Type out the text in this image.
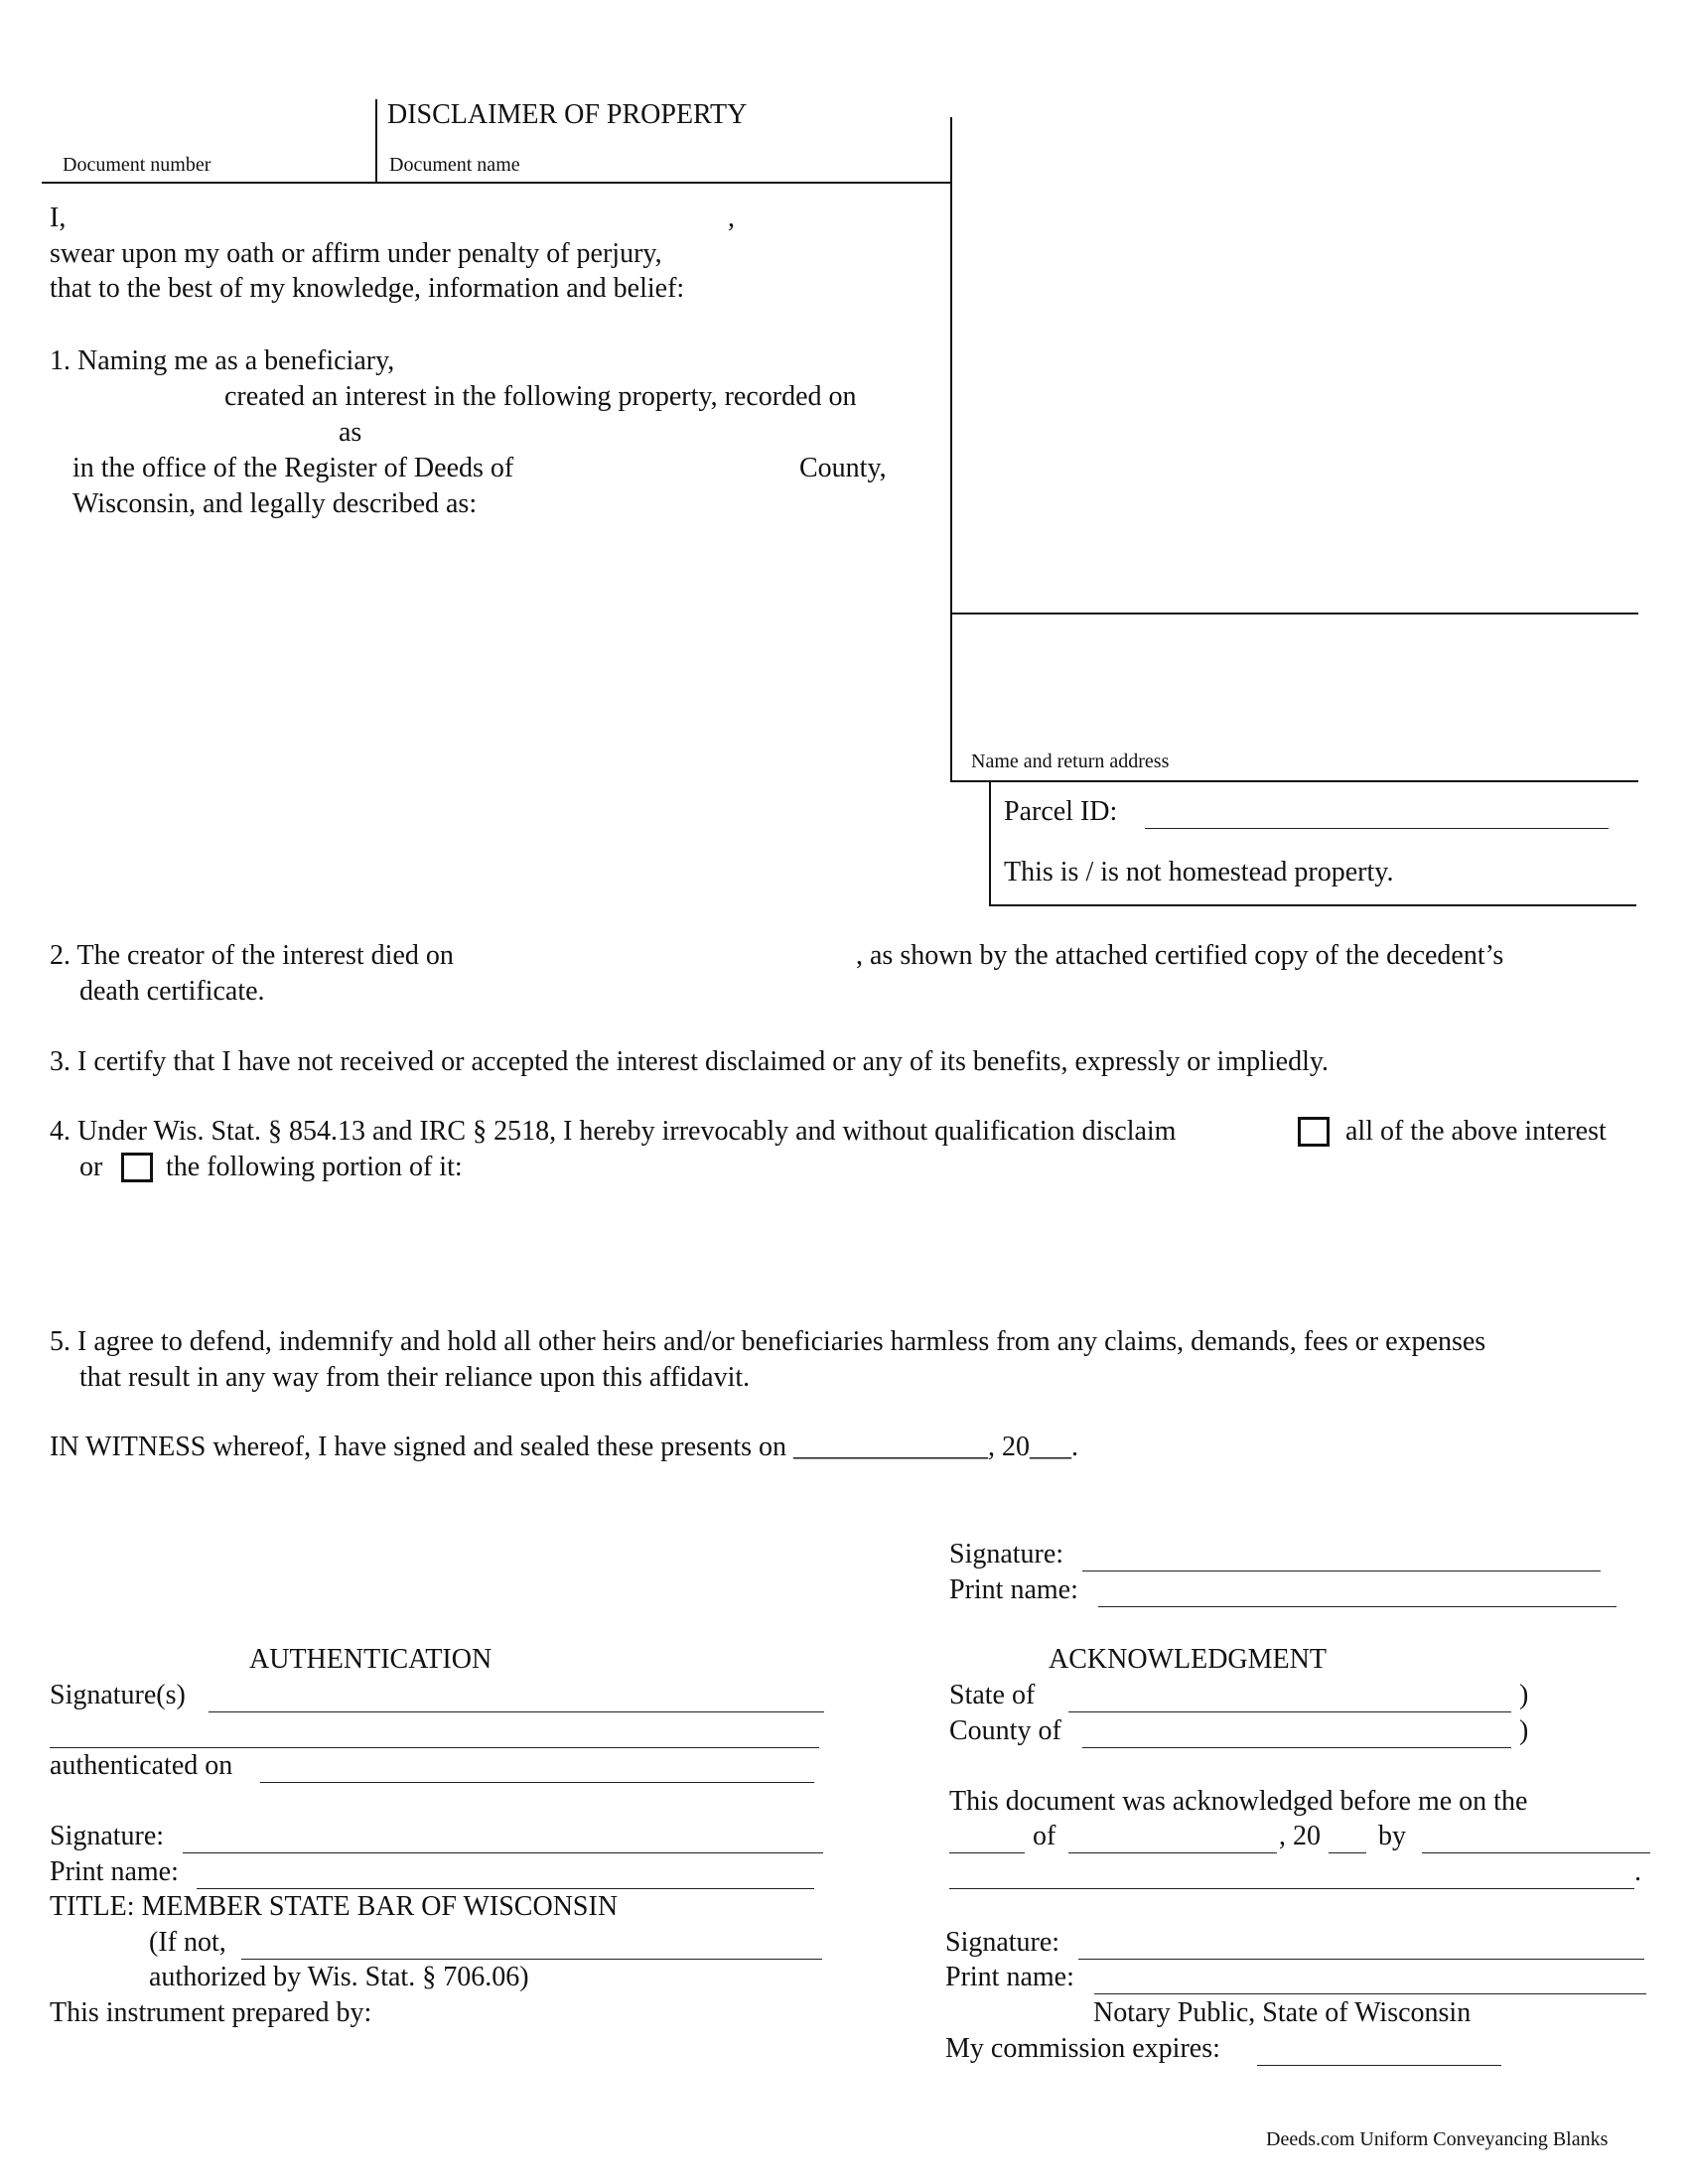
DISCLAIMER OF PROPERTY
Document number	Document name
I,	,
swear upon my oath or affirm under penalty of perjury,
that to the best of my knowledge, information and belief:
1. Naming me as a beneficiary,
created an interest in the following property, recorded on
as
in the office of the Register of Deeds of	County,
Wisconsin, and legally described as:
Name and return address
Parcel ID:
This is / is not homestead property.
2. The creator of the interest died on	, as shown by the attached certified copy of the decedent’s
death certificate.
3. I certify that I have not received or accepted the interest disclaimed or any of its benefits, expressly or impliedly.
4. Under Wis. Stat. § 854.13 and IRC § 2518, I hereby irrevocably and without qualification disclaim	all of the above interest
or the following portion of it:
5. I agree to defend, indemnify and hold all other heirs and/or beneficiaries harmless from any claims, demands, fees or expenses
that result in any way from their reliance upon this affidavit.
IN WITNESS whereof, I have signed and sealed these presents on ______________, 20___.
Signature:
Print name:
AUTHENTICATION
Signature(s)
authenticated on
Signature:
Print name:
TITLE: MEMBER STATE BAR OF WISCONSIN
(If not,
authorized by Wis. Stat. § 706.06)
This instrument prepared by:
ACKNOWLEDGMENT
State of	)
County of	)
This document was acknowledged before me on the
of	, 20 by
.
Signature:
Print name:
Notary Public, State of Wisconsin
My commission expires:
Deeds.com Uniform Conveyancing Blanks
